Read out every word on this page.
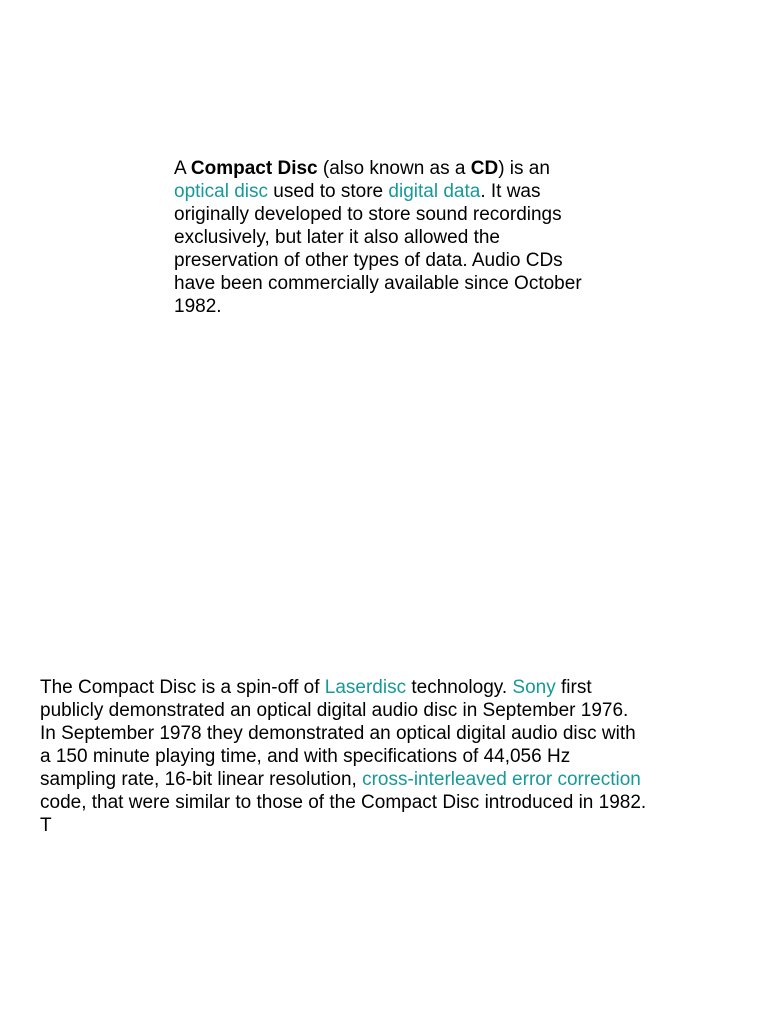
A Compact Disc (also known as a CD) is an
optical disc used to store digital data. It was
originally developed to store sound recordings
exclusively, but later it also allowed the
preservation of other types of data. Audio CDs
have been commercially available since October
1982.
The Compact Disc is a spin-off of Laserdisc technology. Sony first
publicly demonstrated an optical digital audio disc in September 1976.
In September 1978 they demonstrated an optical digital audio disc with
a 150 minute playing time, and with specifications of 44,056 Hz
sampling rate, 16-bit linear resolution, cross-interleaved error correction
code, that were similar to those of the Compact Disc introduced in 1982.
T
